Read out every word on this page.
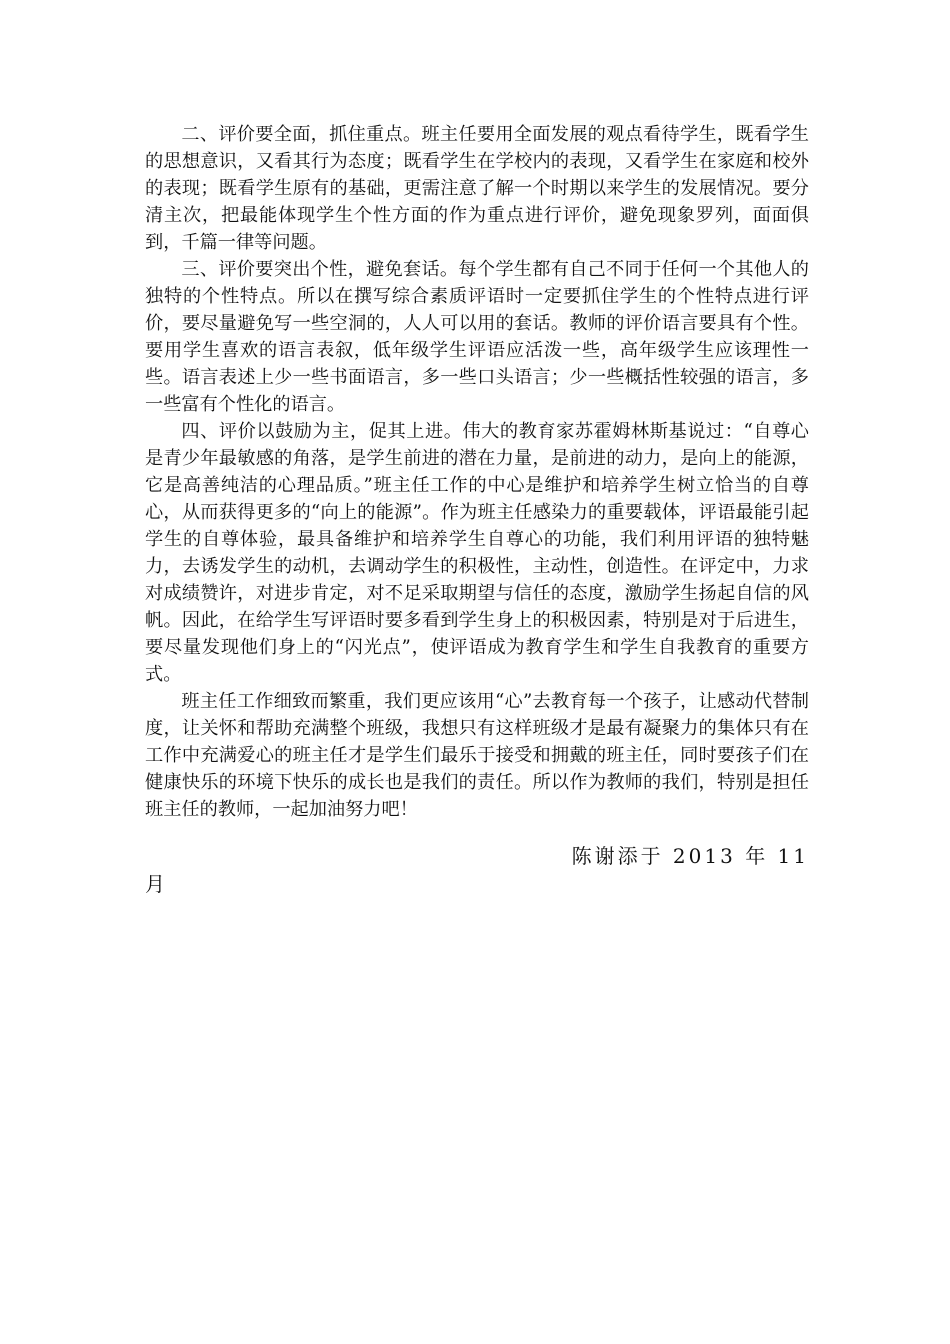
二、评价要全面，抓住重点。班主任要用全面发展的观点看待学生，既看学生的思想意识，又看其行为态度；既看学生在学校内的表现，又看学生在家庭和校外的表现；既看学生原有的基础，更需注意了解一个时期以来学生的发展情况。要分清主次，把最能体现学生个性方面的作为重点进行评价，避免现象罗列，面面俱到，千篇一律等问题。

三、评价要突出个性，避免套话。每个学生都有自己不同于任何一个其他人的独特的个性特点。所以在撰写综合素质评语时一定要抓住学生的个性特点进行评价，要尽量避免写一些空洞的，人人可以用的套话。教师的评价语言要具有个性。要用学生喜欢的语言表叙，低年级学生评语应活泼一些，高年级学生应该理性一些。语言表述上少一些书面语言，多一些口头语言；少一些概括性较强的语言，多一些富有个性化的语言。

四、评价以鼓励为主，促其上进。伟大的教育家苏霍姆林斯基说过：“自尊心是青少年最敏感的角落，是学生前进的潜在力量，是前进的动力，是向上的能源，它是高善纯洁的心理品质。”班主任工作的中心是维护和培养学生树立恰当的自尊心，从而获得更多的“向上的能源”。作为班主任感染力的重要载体，评语最能引起学生的自尊体验，最具备维护和培养学生自尊心的功能，我们利用评语的独特魅力，去诱发学生的动机，去调动学生的积极性，主动性，创造性。在评定中，力求对成绩赞许，对进步肯定，对不足采取期望与信任的态度，激励学生扬起自信的风帆。因此，在给学生写评语时要多看到学生身上的积极因素，特别是对于后进生，要尽量发现他们身上的“闪光点”，使评语成为教育学生和学生自我教育的重要方式。

班主任工作细致而繁重，我们更应该用“心”去教育每一个孩子，让感动代替制度，让关怀和帮助充满整个班级，我想只有这样班级才是最有凝聚力的集体只有在工作中充满爱心的班主任才是学生们最乐于接受和拥戴的班主任，同时要孩子们在健康快乐的环境下快乐的成长也是我们的责任。所以作为教师的我们，特别是担任班主任的教师，一起加油努力吧！

陈谢添于 2013 年 11
月
